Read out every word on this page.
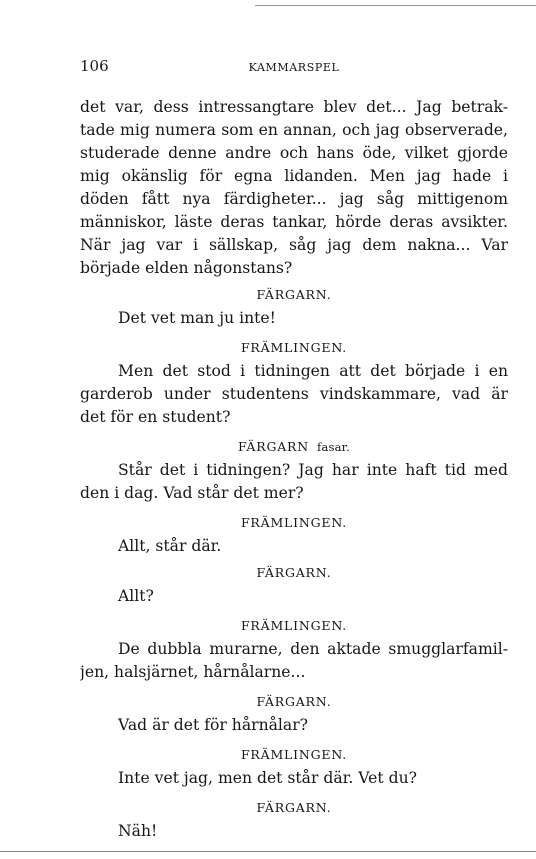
106	KAMMARSPEL
det var, dess intressangtare blev det... Jag betrak-
tade mig numera som en annan, och jag observerade,
studerade denne andre och hans öde, vilket gjorde
mig okänslig för egna lidanden. Men jag hade i
döden fått nya färdigheter... jag såg mittigenom
människor, läste deras tankar, hörde deras avsikter.
När jag var i sällskap, såg jag dem nakna... Var
började elden någonstans?
FÄRGARN.
Det vet man ju inte!
FRÄMLINGEN.
Men det stod i tidningen att det började i en
garderob under studentens vindskammare, vad är
det för en student?
FÄRGARN fasar.
Står det i tidningen? Jag har inte haft tid med
den i dag. Vad står det mer?
FRÄMLINGEN.
Allt, står där.
FÄRGARN.
Allt?
FRÄMLINGEN.
De dubbla murarne, den aktade smugglarfamil-
jen, halsjärnet, hårnålarne...
FÄRGARN.
Vad är det för hårnålar?
FRÄMLINGEN.
Inte vet jag, men det står där. Vet du?
FÄRGARN.
Näh!
